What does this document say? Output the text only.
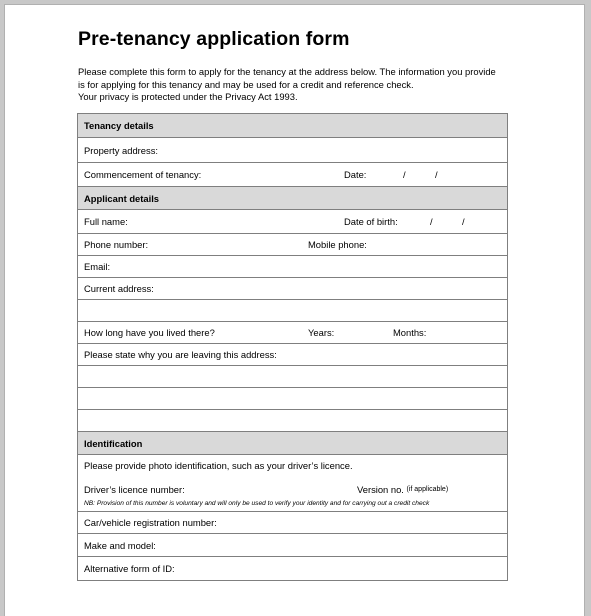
Pre-tenancy application form
Please complete this form to apply for the tenancy at the address below. The information you provide
is for applying for this tenancy and may be used for a credit and reference check.
Your privacy is protected under the Privacy Act 1993.
Tenancy details
Property address:
Commencement of tenancy:	Date:	/	/
Applicant details
Full name:	Date of birth:	/	/
Phone number:	Mobile phone:
Email:
Current address:
How long have you lived there?	Years:	Months:
Please state why you are leaving this address:
Identification
Please provide photo identification, such as your driver’s licence.
Driver’s licence number:	Version no.
(if applicable)
NB: Provision of this number is voluntary and will only be used to verify your identity and for carrying out a credit check
Car/vehicle registration number:
Make and model:
Alternative form of ID:
